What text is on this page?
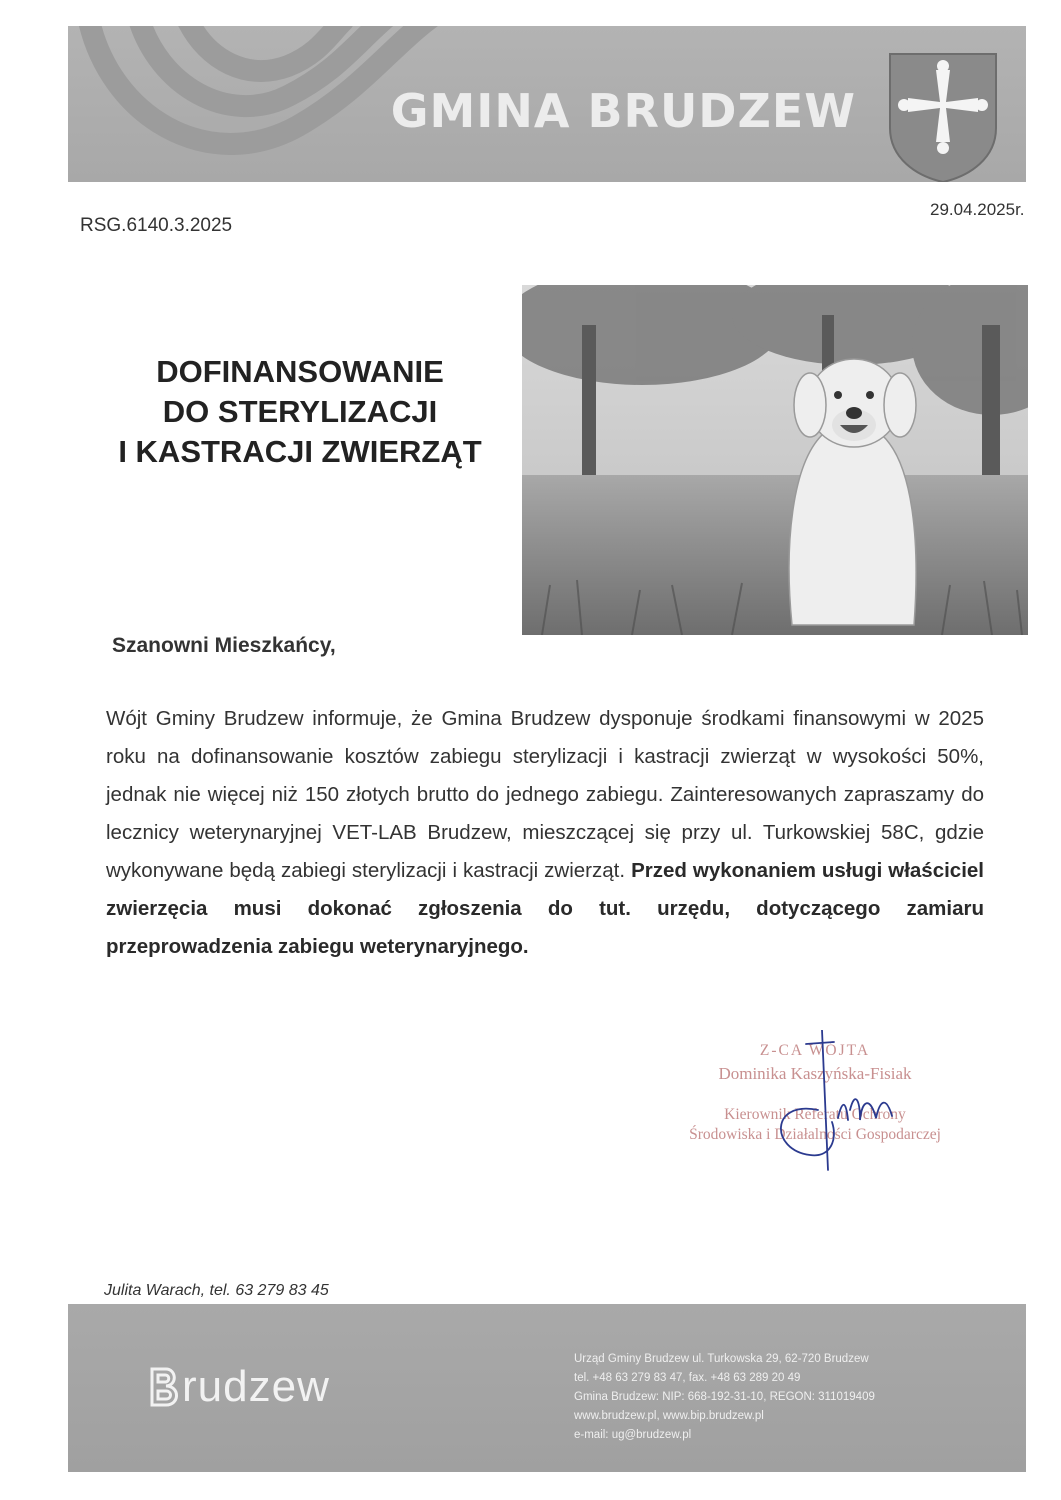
GMINA BRUDZEW

RSG.6140.3.2025

29.04.2025r.

DOFINANSOWANIE
DO STERYLIZACJI
I KASTRACJI ZWIERZĄT

Szanowni Mieszkańcy,

Wójt Gminy Brudzew informuje, że Gmina Brudzew dysponuje środkami finansowymi w 2025 roku na dofinansowanie kosztów zabiegu sterylizacji i kastracji zwierząt w wysokości 50%, jednak nie więcej niż 150 złotych brutto do jednego zabiegu. Zainteresowanych zapraszamy do lecznicy weterynaryjnej VET-LAB Brudzew, mieszczącej się przy ul. Turkowskiej 58C, gdzie wykonywane będą zabiegi sterylizacji i kastracji zwierząt. Przed wykonaniem usługi właściciel zwierzęcia musi dokonać zgłoszenia do tut. urzędu, dotyczącego zamiaru przeprowadzenia zabiegu weterynaryjnego.

Z-CA WÓJTA

Dominika Kaszyńska-Fisiak

Kierownik Referatu Ochrony

Środowiska i Działalności Gospodarczej

Julita Warach, tel. 63 279 83 45

rudzew

Urząd Gminy Brudzew ul. Turkowska 29, 62-720 Brudzew

tel. +48 63 279 83 47, fax. +48 63 289 20 49

Gmina Brudzew: NIP: 668-192-31-10, REGON: 311019409

www.brudzew.pl, www.bip.brudzew.pl

e-mail: ug@brudzew.pl
